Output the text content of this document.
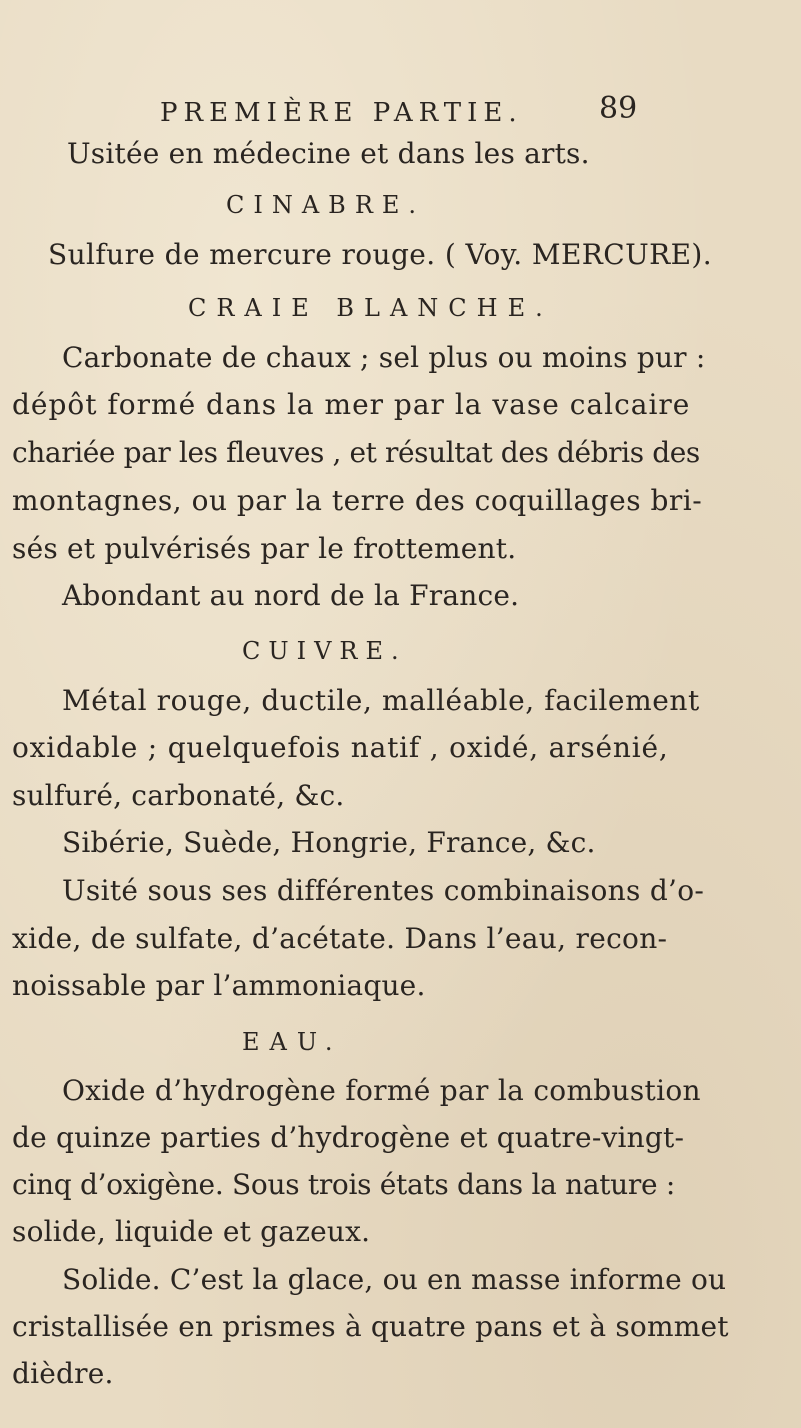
PREMIÈRE PARTIE.	89
Usitée en médecine et dans les arts.
CINABRE.
Sulfure de mercure rouge. ( Voy. MERCURE).
CRAIE BLANCHE.
Carbonate de chaux ; sel plus ou moins pur :
dépôt formé dans la mer par la vase calcaire
chariée par les fleuves , et résultat des débris des
montagnes, ou par la terre des coquillages bri-
sés et pulvérisés par le frottement.
Abondant au nord de la France.
CUIVRE.
Métal rouge, ductile, malléable, facilement
oxidable ; quelquefois natif , oxidé, arsénié,
sulfuré, carbonaté, &c.
Sibérie, Suède, Hongrie, France, &c.
Usité sous ses différentes combinaisons d’o-
xide, de sulfate, d’acétate. Dans l’eau, recon-
noissable par l’ammoniaque.
EAU.
Oxide d’hydrogène formé par la combustion
de quinze parties d’hydrogène et quatre-vingt-
cinq d’oxigène. Sous trois états dans la nature :
solide, liquide et gazeux.
Solide. C’est la glace, ou en masse informe ou
cristallisée en prismes à quatre pans et à sommet
dièdre.
